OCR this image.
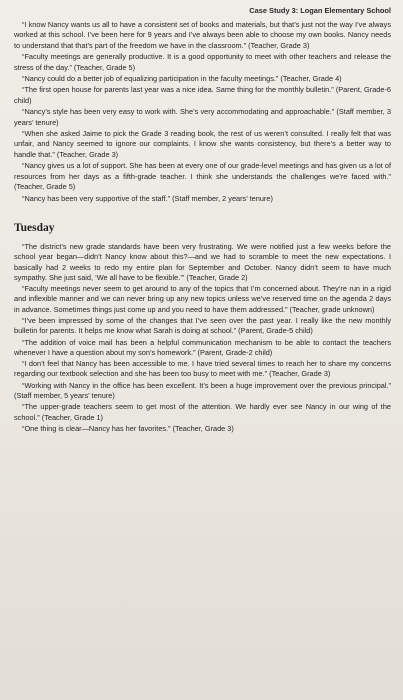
Case Study 3: Logan Elementary School

“I know Nancy wants us all to have a consistent set of books and materials, but that’s just not the way I’ve always worked at this school. I’ve been here for 9 years and I’ve always been able to choose my own books. Nancy needs to understand that that’s part of the freedom we have in the classroom.” (Teacher, Grade 3)

“Faculty meetings are generally productive. It is a good opportunity to meet with other teachers and release the stress of the day.” (Teacher, Grade 5)

“Nancy could do a better job of equalizing participation in the faculty meetings.” (Teacher, Grade 4)

“The first open house for parents last year was a nice idea. Same thing for the monthly bulletin.” (Parent, Grade-6 child)

“Nancy’s style has been very easy to work with. She’s very accommodating and approachable.” (Staff member, 3 years’ tenure)

“When she asked Jaime to pick the Grade 3 reading book, the rest of us weren’t consulted. I really felt that was unfair, and Nancy seemed to ignore our complaints. I know she wants consistency, but there’s a better way to handle that.” (Teacher, Grade 3)

“Nancy gives us a lot of support. She has been at every one of our grade-level meetings and has given us a lot of resources from her days as a fifth-grade teacher. I think she understands the challenges we’re faced with.” (Teacher, Grade 5)

“Nancy has been very supportive of the staff.” (Staff member, 2 years’ tenure)

Tuesday

“The district’s new grade standards have been very frustrating. We were notified just a few weeks before the school year began—didn’t Nancy know about this?—and we had to scramble to meet the new expectations. I basically had 2 weeks to redo my entire plan for September and October. Nancy didn’t seem to have much sympathy. She just said, ‘We all have to be flexible.’” (Teacher, Grade 2)

“Faculty meetings never seem to get around to any of the topics that I’m concerned about. They’re run in a rigid and inflexible manner and we can never bring up any new topics unless we’ve reserved time on the agenda 2 days in advance. Sometimes things just come up and you need to have them addressed.” (Teacher, grade unknown)

“I’ve been impressed by some of the changes that I’ve seen over the past year. I really like the new monthly bulletin for parents. It helps me know what Sarah is doing at school.” (Parent, Grade-5 child)

“The addition of voice mail has been a helpful communication mechanism to be able to contact the teachers whenever I have a question about my son’s homework.” (Parent, Grade-2 child)

“I don’t feel that Nancy has been accessible to me. I have tried several times to reach her to share my concerns regarding our textbook selection and she has been too busy to meet with me.” (Teacher, Grade 3)

“Working with Nancy in the office has been excellent. It’s been a huge improvement over the previous principal.” (Staff member, 5 years’ tenure)

“The upper-grade teachers seem to get most of the attention. We hardly ever see Nancy in our wing of the school.” (Teacher, Grade 1)

“One thing is clear—Nancy has her favorites.” (Teacher, Grade 3)
